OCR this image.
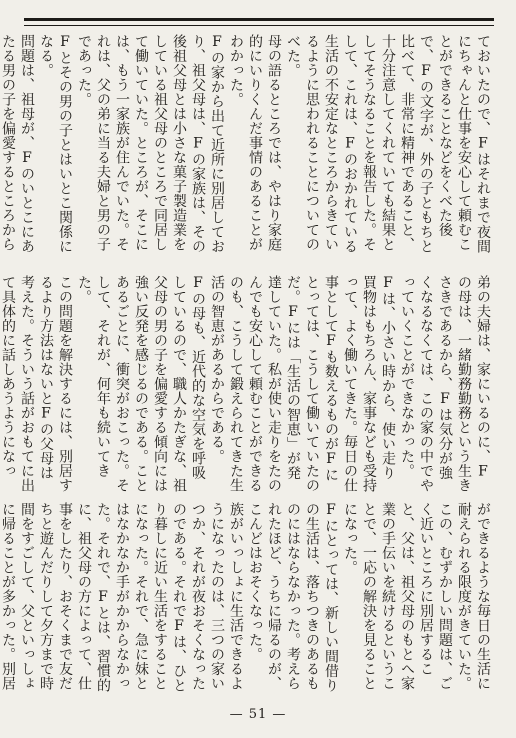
ておいたので、Fはそれまで夜間にちゃんと仕事を安心して頼むことができることなどをくべた後で、Fの文字が、外の子ともちと比べて、非常に精神であること、十分注意してくれていても結果としてそうなることを報告した。そして、これは、Fのおかれている生活の不安定なところからきているように思われることについてのべた。

母の語るところでは、やはり家庭的にいりくんだ事情のあることがわかった。

Fの家から出て近所に別居しており、祖父母は、Fの家族は、その後祖父母とは小さな菓子製造業をしている祖父母のところで同居して働いていた。ところが、そこには、もう一家族が住んでいた。それは、父の弟に当る夫婦と男の子であった。

Fとその男の子とはいとこ関係になる。

問題は、祖母が、Fのいとこにあたる男の子を偏愛するところから

弟の夫婦は、家にいるのに、Fの母は、一緒勤務勤務という生きさきであるから、Fは気分が強くなるなくては、この家の中でやっていくことができなかった。

Fは、小さい時から、使い走り買物はもちろん、家事なども受持って、よく働いてきた。毎日の仕事としてFも数えるものがFにとっては、こうして働いていたのだ。Fには「生活の智恵」が発達していた。私が使い走りをたのんでも安心して頼むことができるのも、こうして鍛えられてきた生活の智恵があるからである。

Fの母も、近代的な空気を呼吸しているので、職人かたぎな、祖父母の男の子を偏愛する傾向には強い反発を感じるのである。ことあるごとに、衝突がおこった。そして、それが、何年も続いてきた。

この問題を解決するには、別居するより方法はないとFの父母は考えた。そういう話がおもてに出て具体的に話しあうようになっ

ができるような毎日の生活に耐えられる限度がきていた。

この、むずかしい問題は、ごく近いところに別居すること、父は、祖父母のもとへ家業の手伝いを続けるということで、一応の解決を見ることになった。

Fにとっては、新しい間借りの生活は、落ちつきのあるものにはならなかった。考えられたほど、うちに帰るのが、こんどはおそくなった。

族がいっしょに生活できるようになったのは、三つの家いつか、それが夜おそくなったのである。それでFは、ひとり暮しに近い生活をすることになった。それで、急に妹とはなかなか手がかからなかった。それで、Fとは、習慣的に、祖父母の方によって、仕事をしたり、おそくまで友だちと遊んだりして夕方まで時間をすごして、父といっしょに帰ることが多かった。別居

— 51 —
